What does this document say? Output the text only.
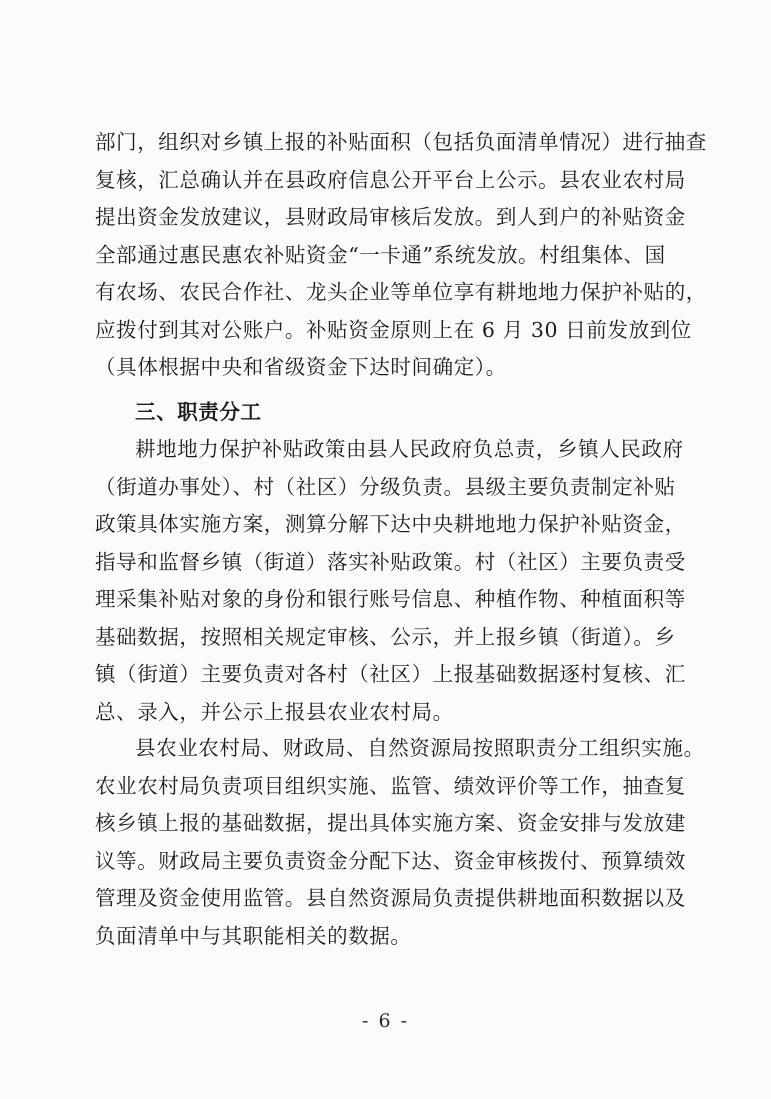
部门，组织对乡镇上报的补贴面积（包括负面清单情况）进行抽查
复核，汇总确认并在县政府信息公开平台上公示。县农业农村局
提出资金发放建议，县财政局审核后发放。到人到户的补贴资金
全部通过惠民惠农补贴资金“一卡通”系统发放。村组集体、国
有农场、农民合作社、龙头企业等单位享有耕地地力保护补贴的，
应拨付到其对公账户。补贴资金原则上在 6 月 30 日前发放到位
（具体根据中央和省级资金下达时间确定）。
三、职责分工
耕地地力保护补贴政策由县人民政府负总责，乡镇人民政府
（街道办事处）、村（社区）分级负责。县级主要负责制定补贴
政策具体实施方案，测算分解下达中央耕地地力保护补贴资金，
指导和监督乡镇（街道）落实补贴政策。村（社区）主要负责受
理采集补贴对象的身份和银行账号信息、种植作物、种植面积等
基础数据，按照相关规定审核、公示，并上报乡镇（街道）。乡
镇（街道）主要负责对各村（社区）上报基础数据逐村复核、汇
总、录入，并公示上报县农业农村局。
县农业农村局、财政局、自然资源局按照职责分工组织实施。
农业农村局负责项目组织实施、监管、绩效评价等工作，抽查复
核乡镇上报的基础数据，提出具体实施方案、资金安排与发放建
议等。财政局主要负责资金分配下达、资金审核拨付、预算绩效
管理及资金使用监管。县自然资源局负责提供耕地面积数据以及
负面清单中与其职能相关的数据。
- 6 -
